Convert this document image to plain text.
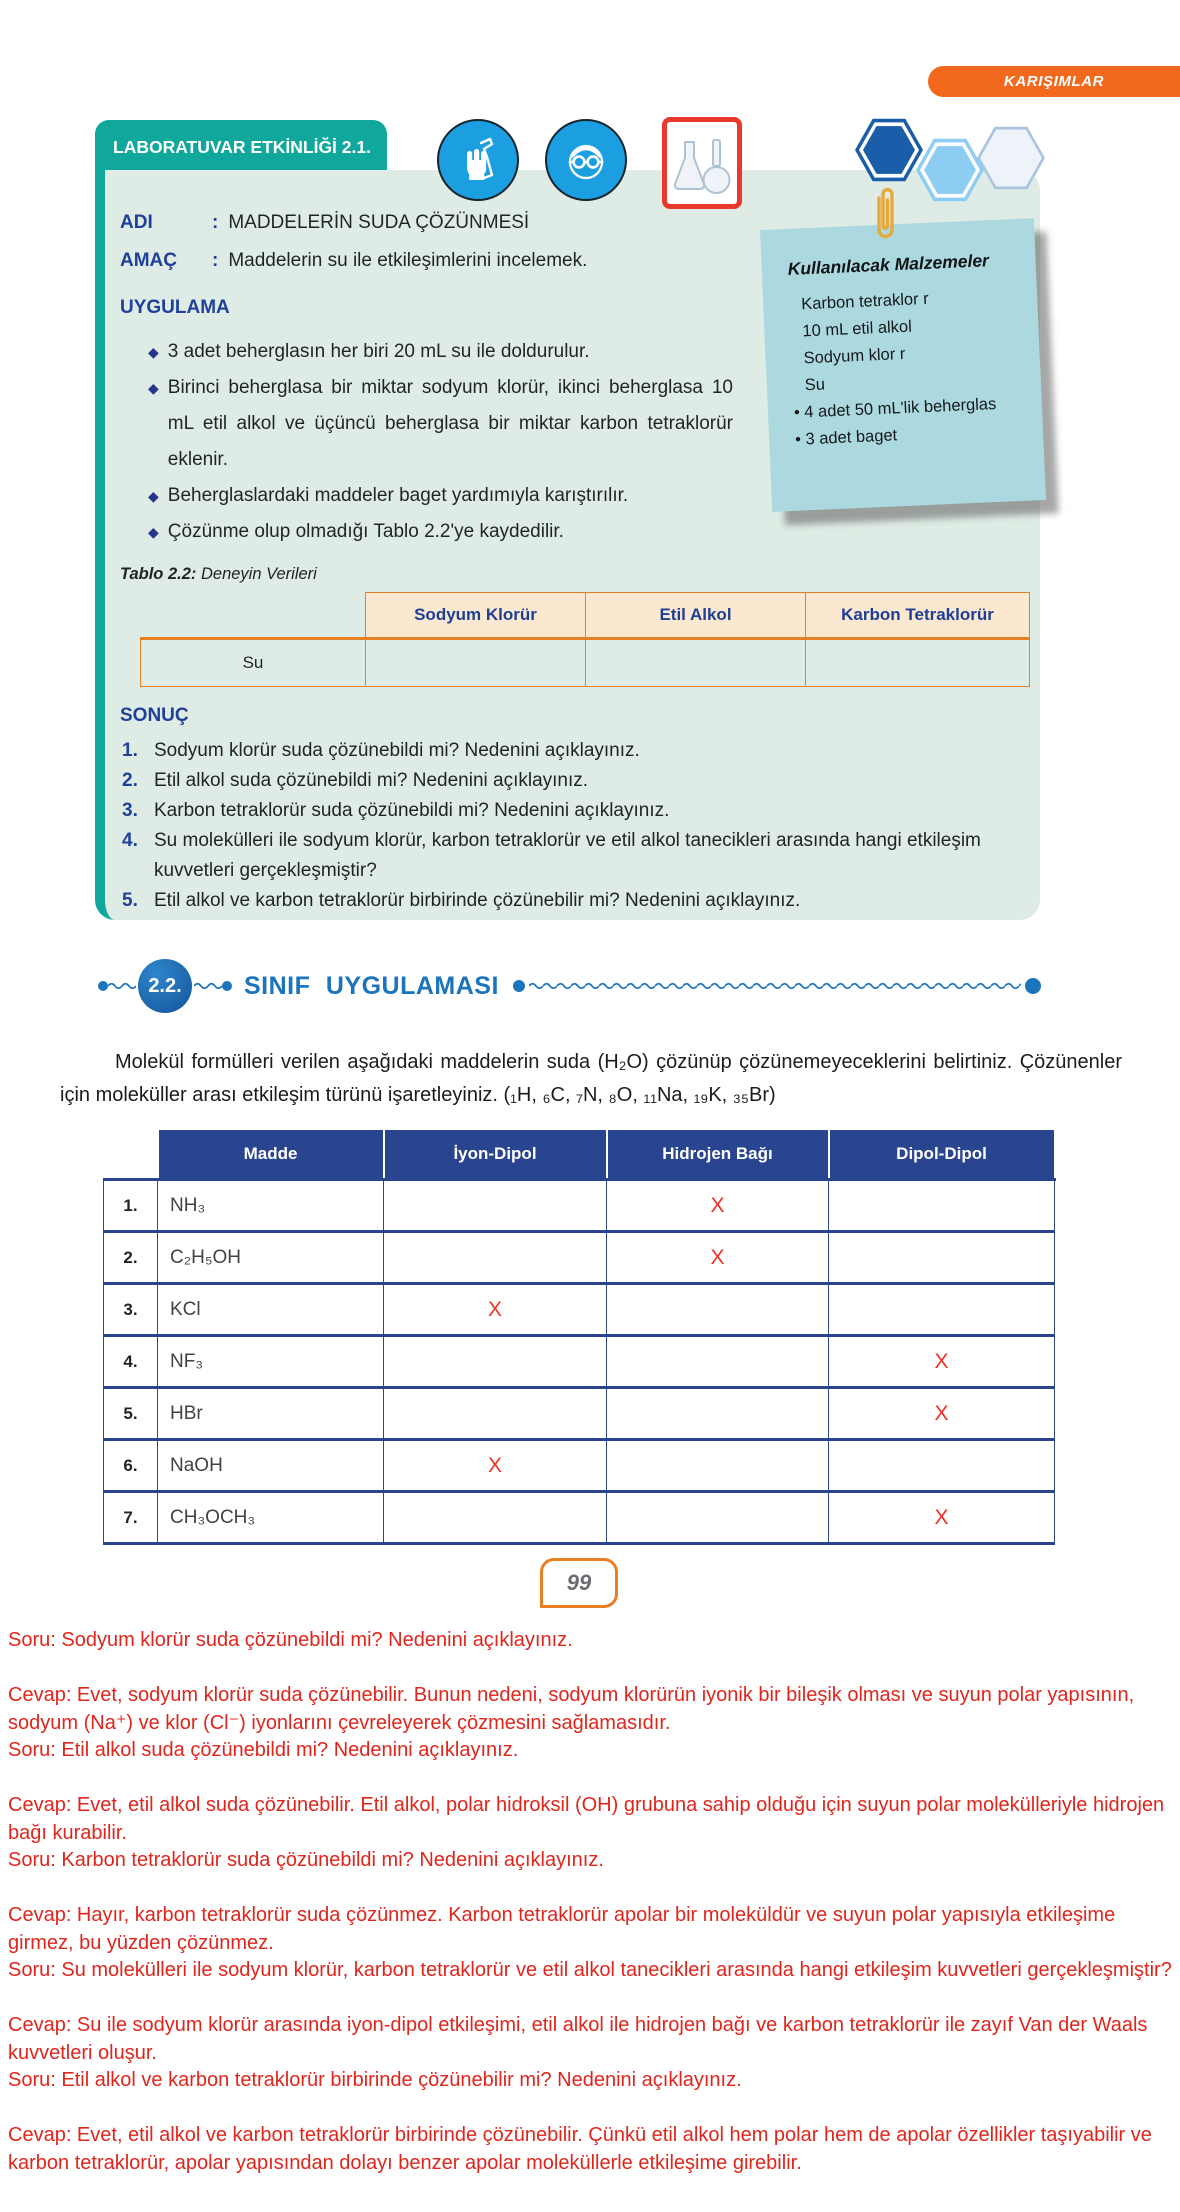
KARIŞIMLAR
LABORATUVAR ETKİNLİĞİ 2.1.
ADI	: MADDELERİN SUDA ÇÖZÜNMESİ
AMAÇ	: Maddelerin su ile etkileşimlerini incelemek.
UYGULAMA
◆ 3 adet beherglasın her biri 20 mL su ile doldurulur.
◆ Birinci beherglasa bir miktar sodyum klorür, ikinci beherglasa 10 mL etil alkol ve üçüncü beherglasa bir miktar karbon tetraklorür eklenir.
◆ Beherglaslardaki maddeler baget yardımıyla karıştırılır.
◆ Çözünme olup olmadığı Tablo 2.2'ye kaydedilir.
Kullanılacak Malzemeler
Karbon tetraklor r
10 mL etil alkol
Sodyum klor r
Su
• 4 adet 50 mL'lik beherglas
• 3 adet baget
Tablo 2.2: Deneyin Verileri
	Sodyum Klorür	Etil Alkol	Karbon Tetraklorür
Su			
SONUÇ
1. Sodyum klorür suda çözünebildi mi? Nedenini açıklayınız.
2. Etil alkol suda çözünebildi mi? Nedenini açıklayınız.
3. Karbon tetraklorür suda çözünebildi mi? Nedenini açıklayınız.
4. Su molekülleri ile sodyum klorür, karbon tetraklorür ve etil alkol tanecikleri arasında hangi etkileşim kuvvetleri gerçekleşmiştir?
5. Etil alkol ve karbon tetraklorür birbirinde çözünebilir mi? Nedenini açıklayınız.
2.2.	SINIF UYGULAMASI
Molekül formülleri verilen aşağıdaki maddelerin suda (H₂O) çözünüp çözünemeyeceklerini belirtiniz. Çözünenler için moleküller arası etkileşim türünü işaretleyiniz. (₁H, ₆C, ₇N, ₈O, ₁₁Na, ₁₉K, ₃₅Br)
	Madde	İyon-Dipol	Hidrojen Bağı	Dipol-Dipol
1.	NH₃		X	
2.	C₂H₅OH		X	
3.	KCl	X		
4.	NF₃			X
5.	HBr			X
6.	NaOH	X		
7.	CH₃OCH₃			X
99

Soru: Sodyum klorür suda çözünebildi mi? Nedenini açıklayınız.

Cevap: Evet, sodyum klorür suda çözünebilir. Bunun nedeni, sodyum klorürün iyonik bir bileşik olması ve suyun polar yapısının, sodyum (Na⁺) ve klor (Cl⁻) iyonlarını çevreleyerek çözmesini sağlamasıdır.

Soru: Etil alkol suda çözünebildi mi? Nedenini açıklayınız.

Cevap: Evet, etil alkol suda çözünebilir. Etil alkol, polar hidroksil (OH) grubuna sahip olduğu için suyun polar molekülleriyle hidrojen bağı kurabilir.

Soru: Karbon tetraklorür suda çözünebildi mi? Nedenini açıklayınız.

Cevap: Hayır, karbon tetraklorür suda çözünmez. Karbon tetraklorür apolar bir moleküldür ve suyun polar yapısıyla etkileşime girmez, bu yüzden çözünmez.

Soru: Su molekülleri ile sodyum klorür, karbon tetraklorür ve etil alkol tanecikleri arasında hangi etkileşim kuvvetleri gerçekleşmiştir?

Cevap: Su ile sodyum klorür arasında iyon-dipol etkileşimi, etil alkol ile hidrojen bağı ve karbon tetraklorür ile zayıf Van der Waals kuvvetleri oluşur.

Soru: Etil alkol ve karbon tetraklorür birbirinde çözünebilir mi? Nedenini açıklayınız.

Cevap: Evet, etil alkol ve karbon tetraklorür birbirinde çözünebilir. Çünkü etil alkol hem polar hem de apolar özellikler taşıyabilir ve karbon tetraklorür, apolar yapısından dolayı benzer apolar moleküllerle etkileşime girebilir.
